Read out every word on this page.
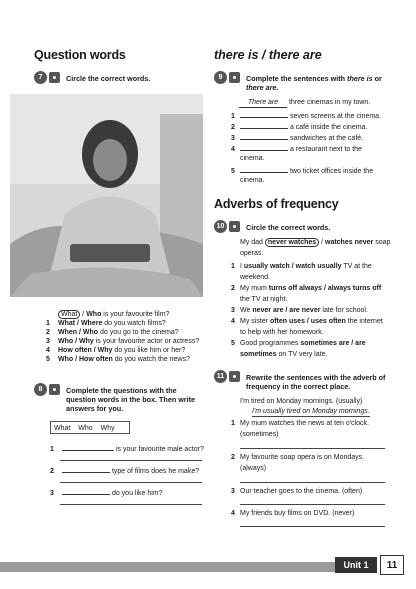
Question words
7	Circle the correct words.
What / Who is your favourite film?
1 What / Where do you watch films?
2 When / Who do you go to the cinema?
3 Who / Why is your favourite actor or actress?
4 How often / Why do you like him or her?
5 Who / How often do you watch the news?
8	Complete the questions with the
question words in the box. Then write
answers for you.
What Who Why
1	is your favourite male actor?
2	type of films does he make?
3	do you like him?
there is / there are
9	Complete the sentences with there is or
there are.
There are three cinemas in my town.
1	seven screens at the cinema.
2	a café inside the cinema.
3	sandwiches at the café.
4	a restaurant next to the
cinema.
5	two ticket offices inside the
cinema.
Adverbs of frequency
10	Circle the correct words.
My dad never watches / watches never soap
operas.
1 I usually watch / watch usually TV at the
weekend.
2 My mum turns off always / always turns off
the TV at night.
3 We never are / are never late for school.
4 My sister often uses / uses often the internet
to help with her homework.
5 Good programmes sometimes are / are
sometimes on TV very late.
11	Rewrite the sentences with the adverb of
frequency in the correct place.
I'm tired on Monday mornings. (usually)
I'm usually tired on Monday mornings.
1 My mum watches the news at ten o'clock.
(sometimes)
2 My favourite soap opera is on Mondays.
(always)
3 Our teacher goes to the cinema. (often)
4 My friends buy films on DVD. (never)
Unit 1	11
